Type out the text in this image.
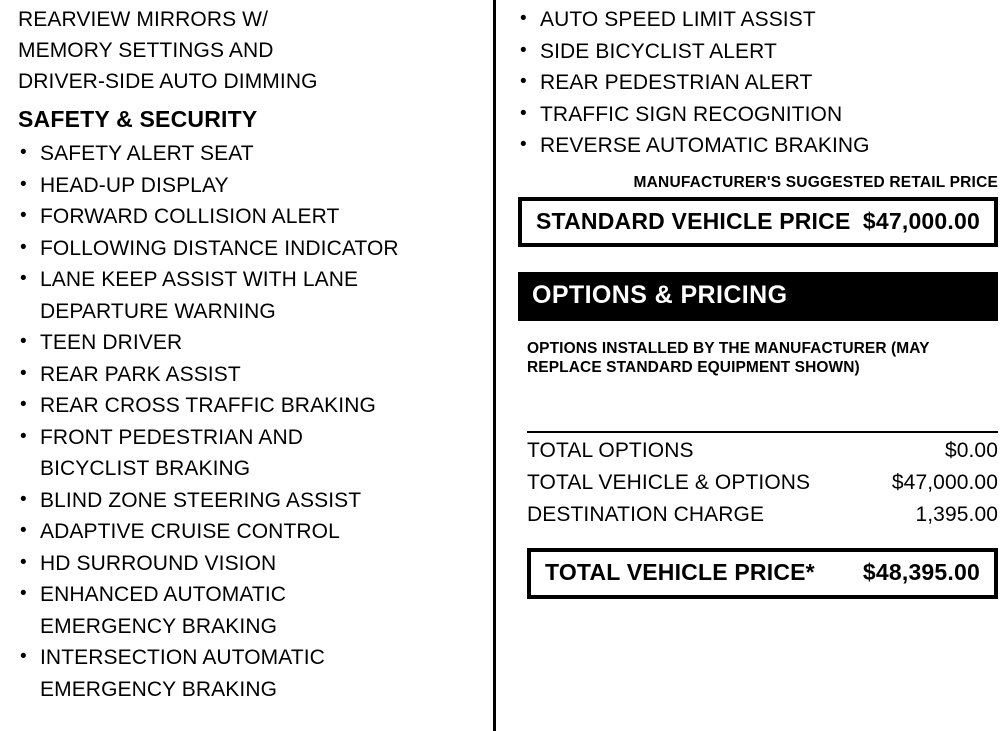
REARVIEW MIRRORS W/
MEMORY SETTINGS AND
DRIVER-SIDE AUTO DIMMING
SAFETY & SECURITY
• SAFETY ALERT SEAT
• HEAD-UP DISPLAY
• FORWARD COLLISION ALERT
• FOLLOWING DISTANCE INDICATOR
• LANE KEEP ASSIST WITH LANE
DEPARTURE WARNING
• TEEN DRIVER
• REAR PARK ASSIST
• REAR CROSS TRAFFIC BRAKING
• FRONT PEDESTRIAN AND
BICYCLIST BRAKING
• BLIND ZONE STEERING ASSIST
• ADAPTIVE CRUISE CONTROL
• HD SURROUND VISION
• ENHANCED AUTOMATIC
EMERGENCY BRAKING
• INTERSECTION AUTOMATIC
EMERGENCY BRAKING
• AUTO SPEED LIMIT ASSIST
• SIDE BICYCLIST ALERT
• REAR PEDESTRIAN ALERT
• TRAFFIC SIGN RECOGNITION
• REVERSE AUTOMATIC BRAKING
MANUFACTURER'S SUGGESTED RETAIL PRICE
STANDARD VEHICLE PRICE $47,000.00
OPTIONS & PRICING
OPTIONS INSTALLED BY THE MANUFACTURER (MAY REPLACE STANDARD EQUIPMENT SHOWN)
TOTAL OPTIONS	$0.00
TOTAL VEHICLE & OPTIONS	$47,000.00
DESTINATION CHARGE	1,395.00
TOTAL VEHICLE PRICE* $48,395.00
